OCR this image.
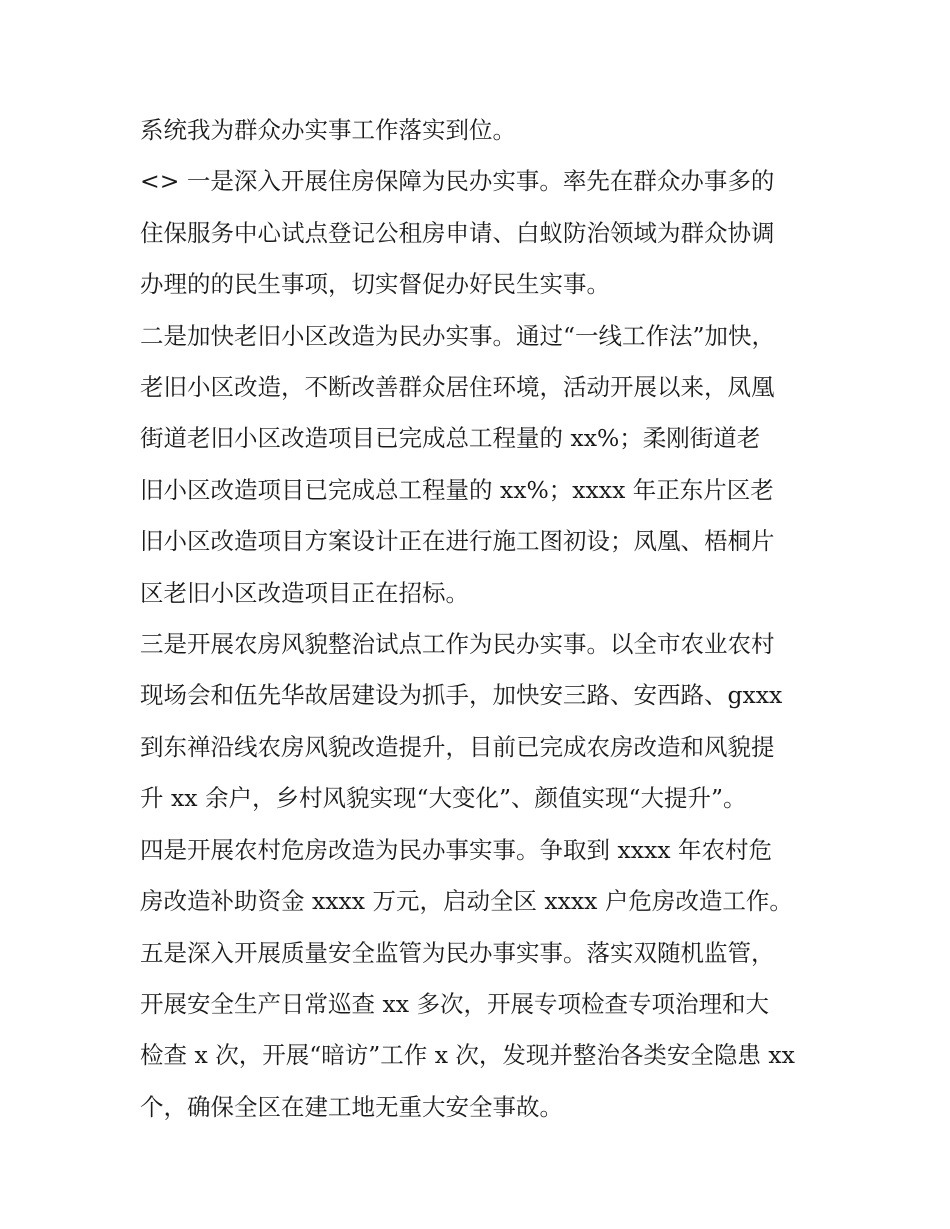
系统我为群众办实事工作落实到位。

<> 一是深入开展住房保障为民办实事。率先在群众办事多的

住保服务中心试点登记公租房申请、白蚁防治领域为群众协调

办理的的民生事项，切实督促办好民生实事。

二是加快老旧小区改造为民办实事。通过“一线工作法”加快，

老旧小区改造，不断改善群众居住环境，活动开展以来，凤凰

街道老旧小区改造项目已完成总工程量的 xx%；柔刚街道老

旧小区改造项目已完成总工程量的 xx%；xxxx 年正东片区老

旧小区改造项目方案设计正在进行施工图初设；凤凰、梧桐片

区老旧小区改造项目正在招标。

三是开展农房风貌整治试点工作为民办实事。以全市农业农村

现场会和伍先华故居建设为抓手，加快安三路、安西路、gxxx

到东禅沿线农房风貌改造提升，目前已完成农房改造和风貌提

升 xx 余户，乡村风貌实现“大变化”、颜值实现“大提升”。

四是开展农村危房改造为民办事实事。争取到 xxxx 年农村危

房改造补助资金 xxxx 万元，启动全区 xxxx 户危房改造工作。

五是深入开展质量安全监管为民办事实事。落实双随机监管，

开展安全生产日常巡查 xx 多次，开展专项检查专项治理和大

检查 x 次，开展“暗访”工作 x 次，发现并整治各类安全隐患 xx

个，确保全区在建工地无重大安全事故。
